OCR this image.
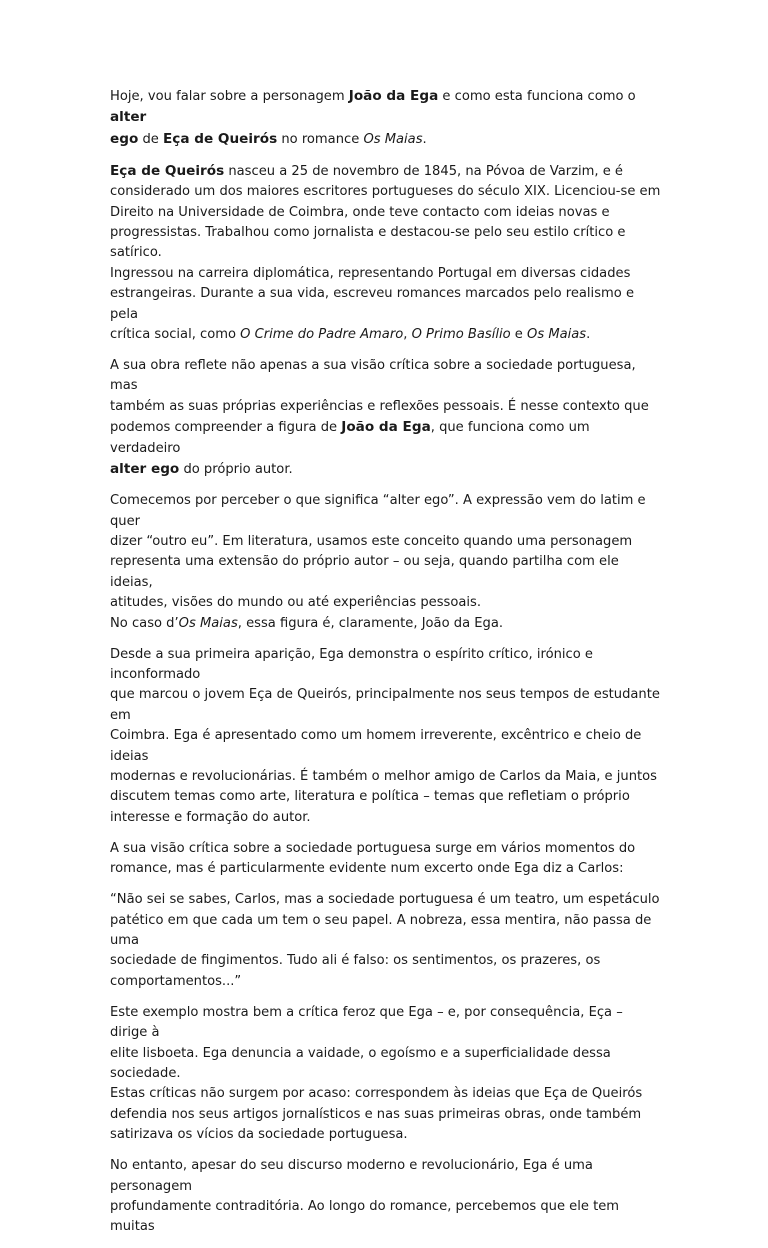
Hoje, vou falar sobre a personagem João da Ega e como esta funciona como o alter
ego de Eça de Queirós no romance Os Maias.

Eça de Queirós nasceu a 25 de novembro de 1845, na Póvoa de Varzim, e é
considerado um dos maiores escritores portugueses do século XIX. Licenciou-se em
Direito na Universidade de Coimbra, onde teve contacto com ideias novas e
progressistas. Trabalhou como jornalista e destacou-se pelo seu estilo crítico e satírico.
Ingressou na carreira diplomática, representando Portugal em diversas cidades
estrangeiras. Durante a sua vida, escreveu romances marcados pelo realismo e pela
crítica social, como O Crime do Padre Amaro, O Primo Basílio e Os Maias.

A sua obra reflete não apenas a sua visão crítica sobre a sociedade portuguesa, mas
também as suas próprias experiências e reflexões pessoais. É nesse contexto que
podemos compreender a figura de João da Ega, que funciona como um verdadeiro
alter ego do próprio autor.

Comecemos por perceber o que significa “alter ego”. A expressão vem do latim e quer
dizer “outro eu”. Em literatura, usamos este conceito quando uma personagem
representa uma extensão do próprio autor – ou seja, quando partilha com ele ideias,
atitudes, visões do mundo ou até experiências pessoais.
No caso d’Os Maias, essa figura é, claramente, João da Ega.

Desde a sua primeira aparição, Ega demonstra o espírito crítico, irónico e inconformado
que marcou o jovem Eça de Queirós, principalmente nos seus tempos de estudante em
Coimbra. Ega é apresentado como um homem irreverente, excêntrico e cheio de ideias
modernas e revolucionárias. É também o melhor amigo de Carlos da Maia, e juntos
discutem temas como arte, literatura e política – temas que refletiam o próprio
interesse e formação do autor.

A sua visão crítica sobre a sociedade portuguesa surge em vários momentos do
romance, mas é particularmente evidente num excerto onde Ega diz a Carlos:

“Não sei se sabes, Carlos, mas a sociedade portuguesa é um teatro, um espetáculo
patético em que cada um tem o seu papel. A nobreza, essa mentira, não passa de uma
sociedade de fingimentos. Tudo ali é falso: os sentimentos, os prazeres, os
comportamentos...”

Este exemplo mostra bem a crítica feroz que Ega – e, por consequência, Eça – dirige à
elite lisboeta. Ega denuncia a vaidade, o egoísmo e a superficialidade dessa sociedade.
Estas críticas não surgem por acaso: correspondem às ideias que Eça de Queirós
defendia nos seus artigos jornalísticos e nas suas primeiras obras, onde também
satirizava os vícios da sociedade portuguesa.

No entanto, apesar do seu discurso moderno e revolucionário, Ega é uma personagem
profundamente contraditória. Ao longo do romance, percebemos que ele tem muitas
